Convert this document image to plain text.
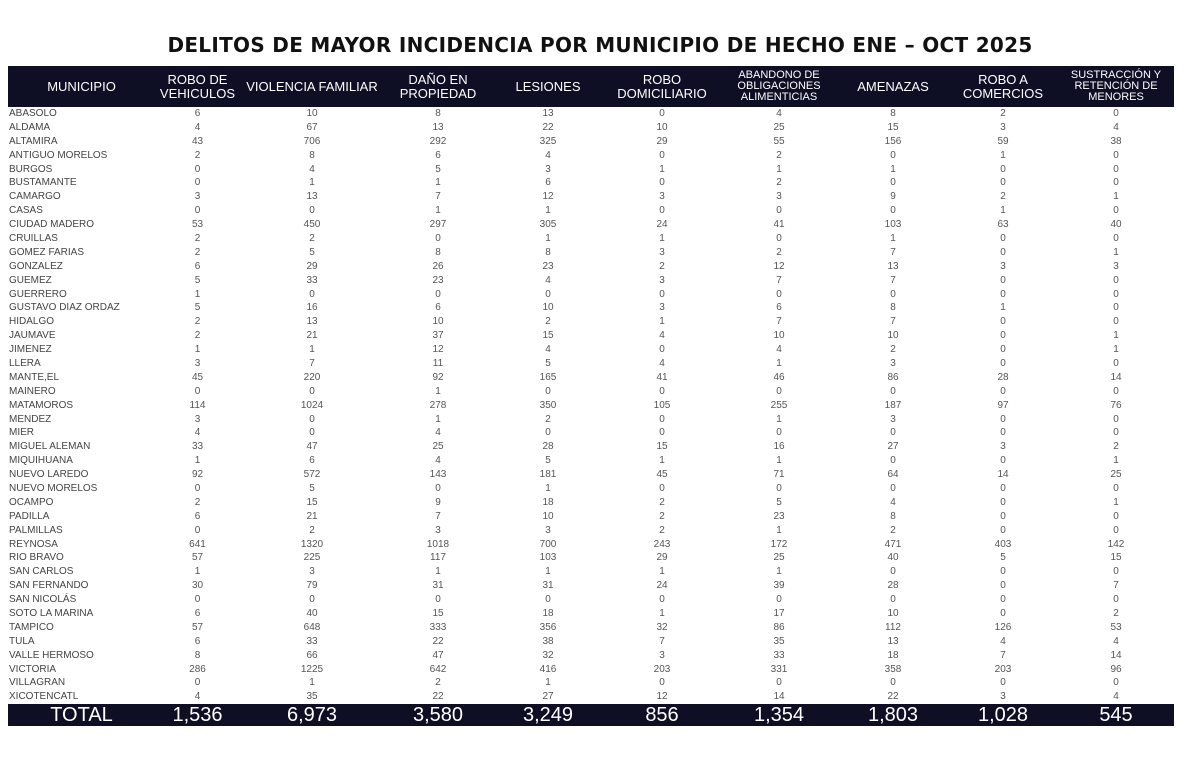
DELITOS DE MAYOR INCIDENCIA POR MUNICIPIO DE HECHO ENE – OCT 2025
MUNICIPIO	ROBO DE VEHICULOS	VIOLENCIA FAMILIAR	DAÑO EN PROPIEDAD	LESIONES	ROBO DOMICILIARIO	ABANDONO DE OBLIGACIONES ALIMENTICIAS	AMENAZAS	ROBO A COMERCIOS	SUSTRACCIÓN Y RETENCIÓN DE MENORES
ABASOLO	6	10	8	13	0	4	8	2	0
ALDAMA	4	67	13	22	10	25	15	3	4
ALTAMIRA	43	706	292	325	29	55	156	59	38
ANTIGUO MORELOS	2	8	6	4	0	2	0	1	0
BURGOS	0	4	5	3	1	1	1	0	0
BUSTAMANTE	0	1	1	6	0	2	0	0	0
CAMARGO	3	13	7	12	3	3	9	2	1
CASAS	0	0	1	1	0	0	0	1	0
CIUDAD MADERO	53	450	297	305	24	41	103	63	40
CRUILLAS	2	2	0	1	1	0	1	0	0
GOMEZ FARIAS	2	5	8	8	3	2	7	0	1
GONZALEZ	6	29	26	23	2	12	13	3	3
GUEMEZ	5	33	23	4	3	7	7	0	0
GUERRERO	1	0	0	0	0	0	0	0	0
GUSTAVO DIAZ ORDAZ	5	16	6	10	3	6	8	1	0
HIDALGO	2	13	10	2	1	7	7	0	0
JAUMAVE	2	21	37	15	4	10	10	0	1
JIMENEZ	1	1	12	4	0	4	2	0	1
LLERA	3	7	11	5	4	1	3	0	0
MANTE,EL	45	220	92	165	41	46	86	28	14
MAINERO	0	0	1	0	0	0	0	0	0
MATAMOROS	114	1024	278	350	105	255	187	97	76
MENDEZ	3	0	1	2	0	1	3	0	0
MIER	4	0	4	0	0	0	0	0	0
MIGUEL ALEMAN	33	47	25	28	15	16	27	3	2
MIQUIHUANA	1	6	4	5	1	1	0	0	1
NUEVO LAREDO	92	572	143	181	45	71	64	14	25
NUEVO MORELOS	0	5	0	1	0	0	0	0	0
OCAMPO	2	15	9	18	2	5	4	0	1
PADILLA	6	21	7	10	2	23	8	0	0
PALMILLAS	0	2	3	3	2	1	2	0	0
REYNOSA	641	1320	1018	700	243	172	471	403	142
RIO BRAVO	57	225	117	103	29	25	40	5	15
SAN CARLOS	1	3	1	1	1	1	0	0	0
SAN FERNANDO	30	79	31	31	24	39	28	0	7
SAN NICOLÁS	0	0	0	0	0	0	0	0	0
SOTO LA MARINA	6	40	15	18	1	17	10	0	2
TAMPICO	57	648	333	356	32	86	112	126	53
TULA	6	33	22	38	7	35	13	4	4
VALLE HERMOSO	8	66	47	32	3	33	18	7	14
VICTORIA	286	1225	642	416	203	331	358	203	96
VILLAGRAN	0	1	2	1	0	0	0	0	0
XICOTENCATL	4	35	22	27	12	14	22	3	4
TOTAL	1,536	6,973	3,580	3,249	856	1,354	1,803	1,028	545
